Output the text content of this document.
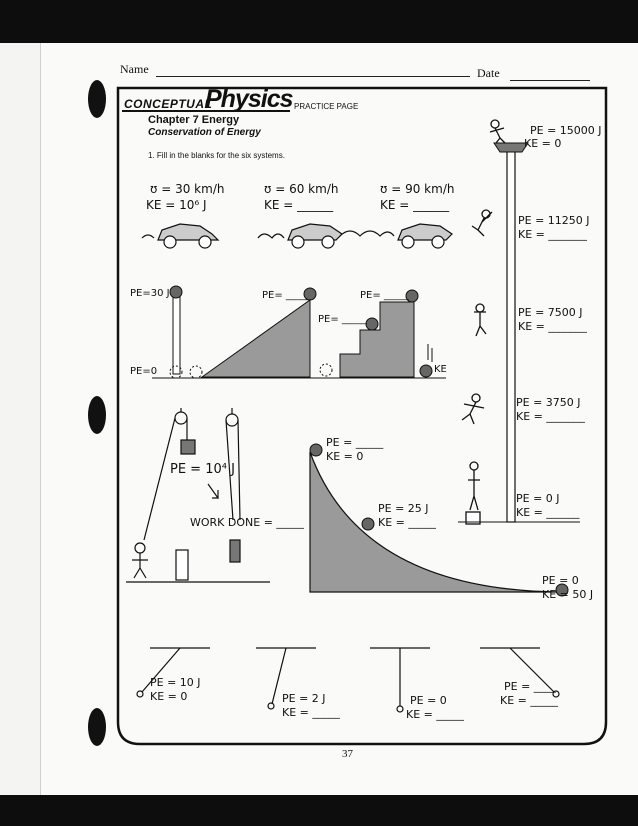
Name	Date
CONCEPTUAL
Physics PRACTICE PAGE
Chapter 7 Energy
Conservation of Energy
1. Fill in the blanks for the six systems.
ʊ = 30 km/h
KE = 10⁶ J
ʊ = 60 km/h
KE = ______
ʊ = 90 km/h
KE = ______
PE = 15000 J
KE = 0
PE = 11250 J
KE = _______
PE = 7500 J
KE = _______
PE = 3750 J
KE = _______
PE = 0 J
KE = ______
PE=30 J
PE=0
PE= _____	PE= _____
PE= _____
KE
PE = 10⁴ J
WORK DONE = _____
PE = _____
KE = 0
PE = 25 J
KE = _____
PE = 0
KE = 50 J
PE = 10 J
KE = 0	PE = 2 J
KE = _____
PE = 0
KE = _____
PE = ____
KE = _____
37
